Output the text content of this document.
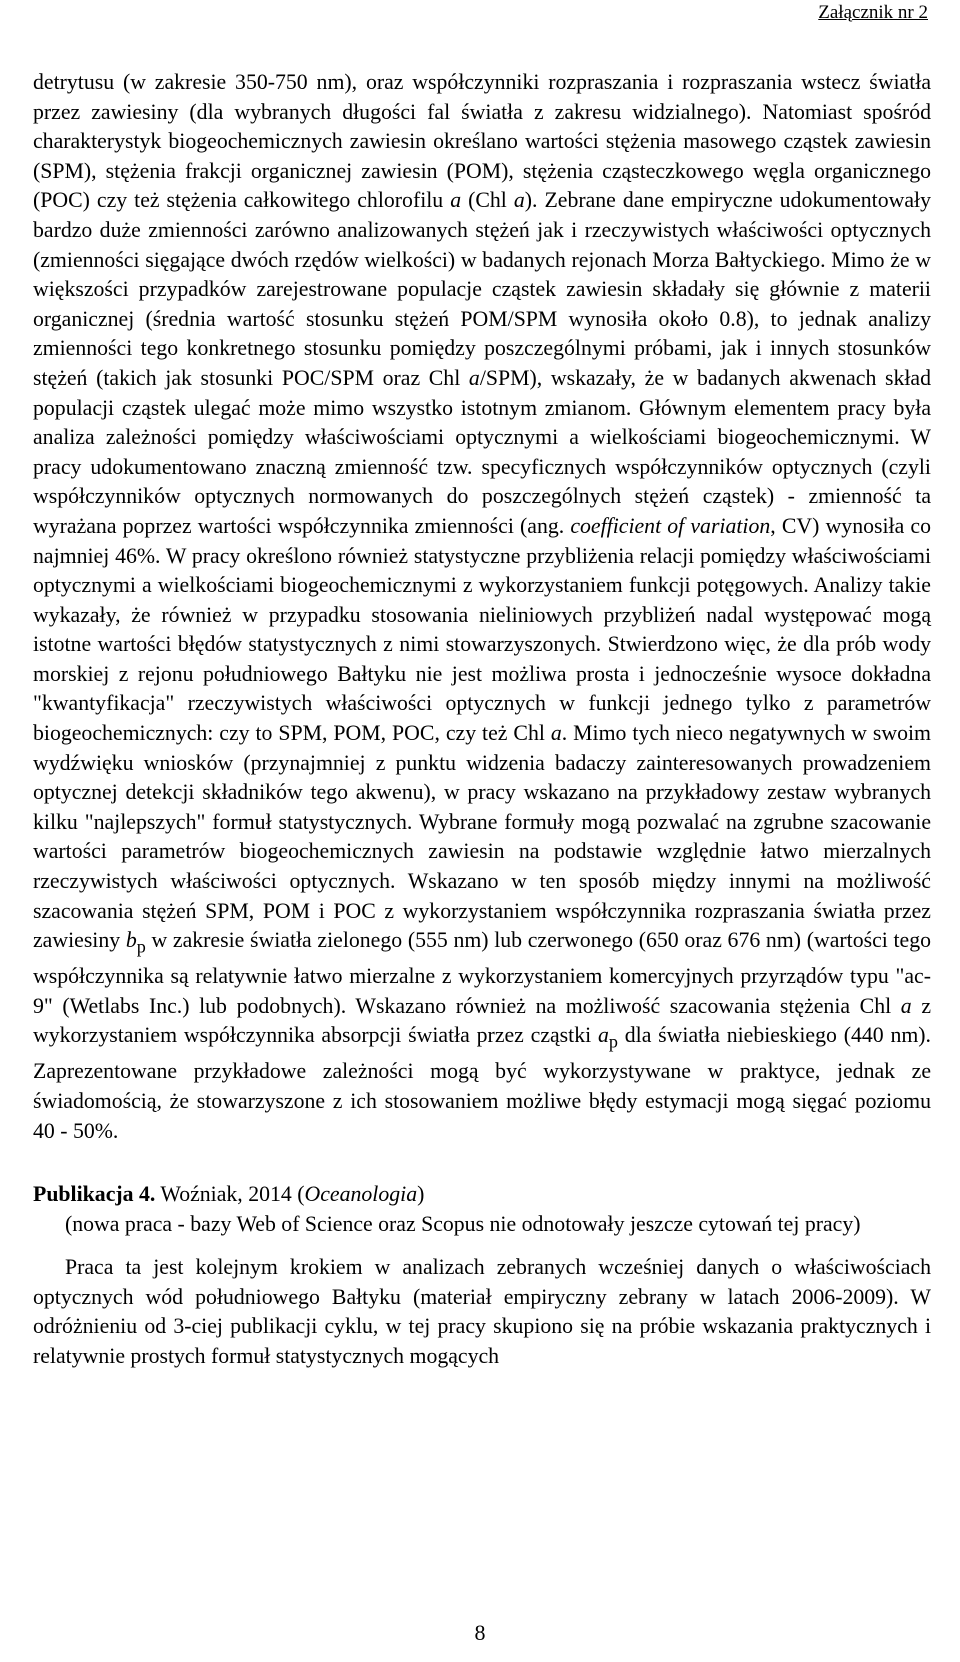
Załącznik nr 2

detrytusu (w zakresie 350-750 nm), oraz współczynniki rozpraszania i rozpraszania wstecz światła przez zawiesiny (dla wybranych długości fal światła z zakresu widzialnego). Natomiast spośród charakterystyk biogeochemicznych zawiesin określano wartości stężenia masowego cząstek zawiesin (SPM), stężenia frakcji organicznej zawiesin (POM), stężenia cząsteczkowego węgla organicznego (POC) czy też stężenia całkowitego chlorofilu a (Chl a). Zebrane dane empiryczne udokumentowały bardzo duże zmienności zarówno analizowanych stężeń jak i rzeczywistych właściwości optycznych (zmienności sięgające dwóch rzędów wielkości) w badanych rejonach Morza Bałtyckiego. Mimo że w większości przypadków zarejestrowane populacje cząstek zawiesin składały się głównie z materii organicznej (średnia wartość stosunku stężeń POM/SPM wynosiła około 0.8), to jednak analizy zmienności tego konkretnego stosunku pomiędzy poszczególnymi próbami, jak i innych stosunków stężeń (takich jak stosunki POC/SPM oraz Chl a/SPM), wskazały, że w badanych akwenach skład populacji cząstek ulegać może mimo wszystko istotnym zmianom. Głównym elementem pracy była analiza zależności pomiędzy właściwościami optycznymi a wielkościami biogeochemicznymi. W pracy udokumentowano znaczną zmienność tzw. specyficznych współczynników optycznych (czyli współczynników optycznych normowanych do poszczególnych stężeń cząstek) - zmienność ta wyrażana poprzez wartości współczynnika zmienności (ang. coefficient of variation, CV) wynosiła co najmniej 46%. W pracy określono również statystyczne przybliżenia relacji pomiędzy właściwościami optycznymi a wielkościami biogeochemicznymi z wykorzystaniem funkcji potęgowych. Analizy takie wykazały, że również w przypadku stosowania nieliniowych przybliżeń nadal występować mogą istotne wartości błędów statystycznych z nimi stowarzyszonych. Stwierdzono więc, że dla prób wody morskiej z rejonu południowego Bałtyku nie jest możliwa prosta i jednocześnie wysoce dokładna "kwantyfikacja" rzeczywistych właściwości optycznych w funkcji jednego tylko z parametrów biogeochemicznych: czy to SPM, POM, POC, czy też Chl a. Mimo tych nieco negatywnych w swoim wydźwięku wniosków (przynajmniej z punktu widzenia badaczy zainteresowanych prowadzeniem optycznej detekcji składników tego akwenu), w pracy wskazano na przykładowy zestaw wybranych kilku "najlepszych" formuł statystycznych. Wybrane formuły mogą pozwalać na zgrubne szacowanie wartości parametrów biogeochemicznych zawiesin na podstawie względnie łatwo mierzalnych rzeczywistych właściwości optycznych. Wskazano w ten sposób między innymi na możliwość szacowania stężeń SPM, POM i POC z wykorzystaniem współczynnika rozpraszania światła przez zawiesiny $b_p$ w zakresie światła zielonego (555 nm) lub czerwonego (650 oraz 676 nm) (wartości tego współczynnika są relatywnie łatwo mierzalne z wykorzystaniem komercyjnych przyrządów typu "ac-9" (Wetlabs Inc.) lub podobnych). Wskazano również na możliwość szacowania stężenia Chl a z wykorzystaniem współczynnika absorpcji światła przez cząstki $a_p$ dla światła niebieskiego (440 nm). Zaprezentowane przykładowe zależności mogą być wykorzystywane w praktyce, jednak ze świadomością, że stowarzyszone z ich stosowaniem możliwe błędy estymacji mogą sięgać poziomu 40 - 50%.

Publikacja 4. Woźniak, 2014 (Oceanologia)

(nowa praca - bazy Web of Science oraz Scopus nie odnotowały jeszcze cytowań tej pracy)

Praca ta jest kolejnym krokiem w analizach zebranych wcześniej danych o właściwościach optycznych wód południowego Bałtyku (materiał empiryczny zebrany w latach 2006-2009). W odróżnieniu od 3-ciej publikacji cyklu, w tej pracy skupiono się na próbie wskazania praktycznych i relatywnie prostych formuł statystycznych mogących

8
